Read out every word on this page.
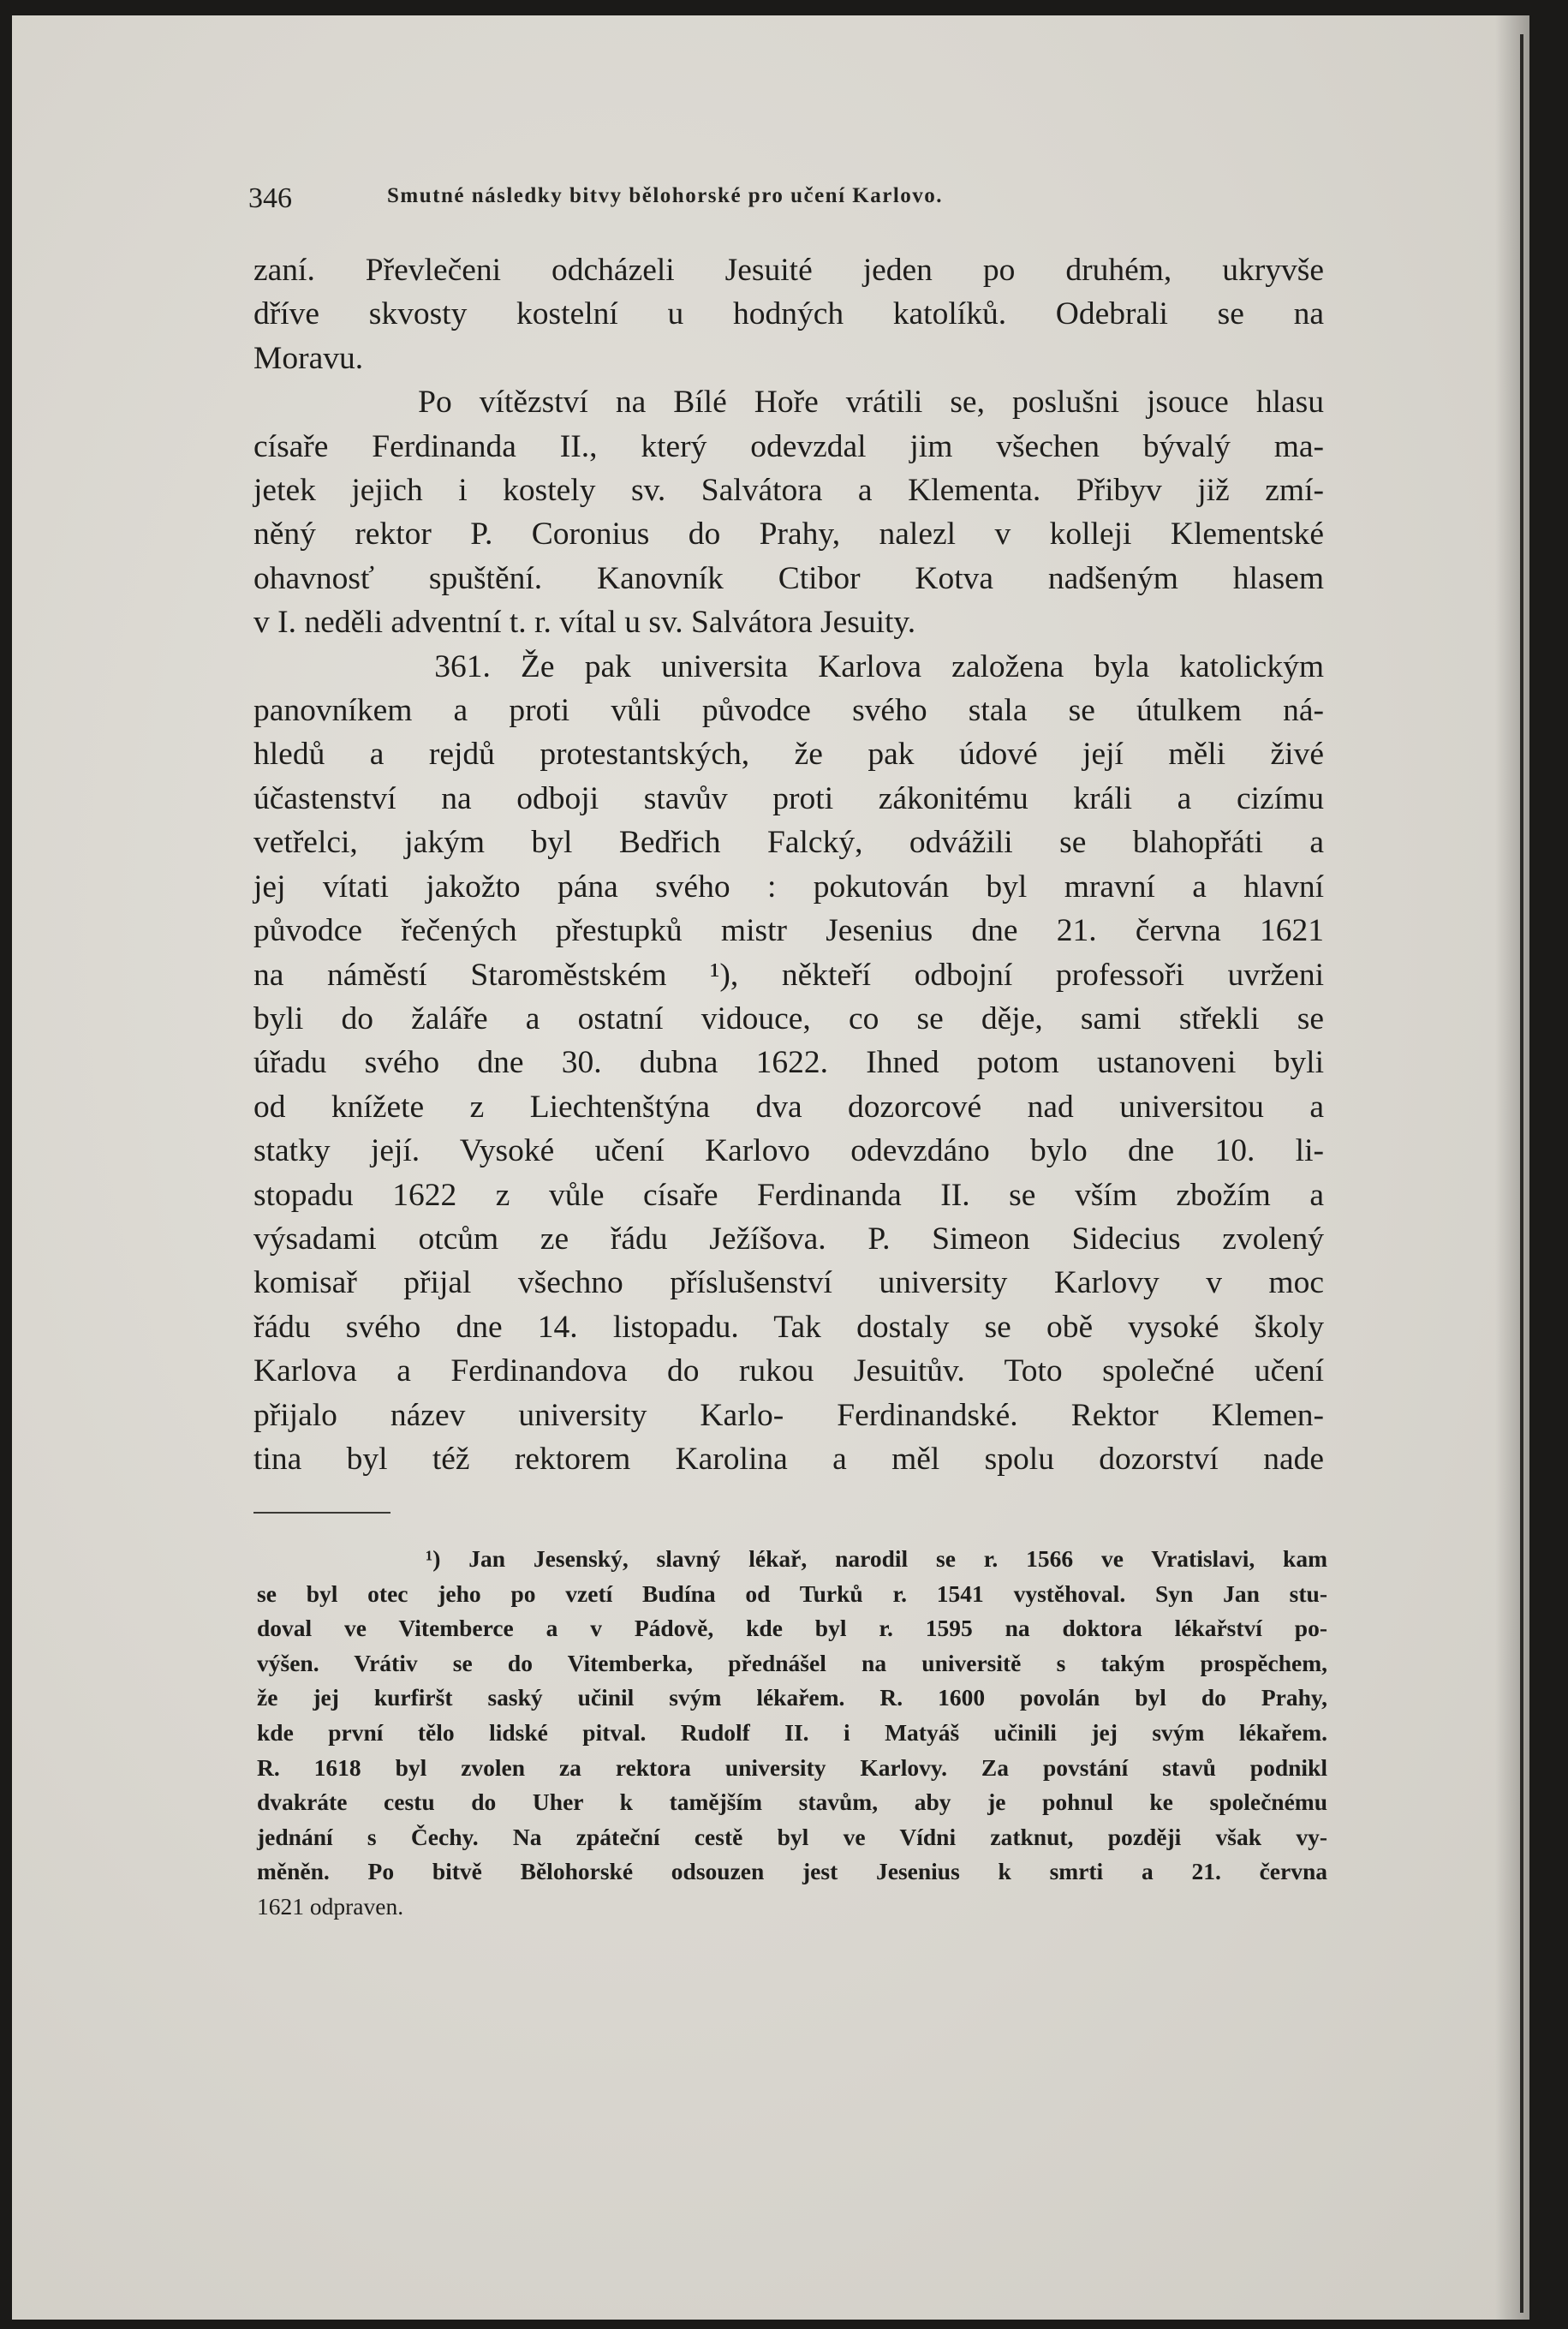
346	Smutné následky bitvy bělohorské pro učení Karlovo.
zaní. Převlečeni odcházeli Jesuité jeden po druhém, ukryvše
dříve skvosty kostelní u hodných katolíků. Odebrali se na
Moravu.
Po vítězství na Bílé Hoře vrátili se, poslušni jsouce hlasu
císaře Ferdinanda II., který odevzdal jim všechen bývalý ma-
jetek jejich i kostely sv. Salvátora a Klementa. Přibyv již zmí-
něný rektor P. Coronius do Prahy, nalezl v kolleji Klementské
ohavnosť spuštění. Kanovník Ctibor Kotva nadšeným hlasem
v I. neděli adventní t. r. vítal u sv. Salvátora Jesuity.
361. Že pak universita Karlova založena byla katolickým
panovníkem a proti vůli původce svého stala se útulkem ná-
hledů a rejdů protestantských, že pak údové její měli živé
účastenství na odboji stavův proti zákonitému králi a cizímu
vetřelci, jakým byl Bedřich Falcký, odvážili se blahopřáti a
jej vítati jakožto pána svého : pokutován byl mravní a hlavní
původce řečených přestupků mistr Jesenius dne 21. června 1621
na náměstí Staroměstském ¹), někteří odbojní professoři uvrženi
byli do žaláře a ostatní vidouce, co se děje, sami střekli se
úřadu svého dne 30. dubna 1622. Ihned potom ustanoveni byli
od knížete z Liechtenštýna dva dozorcové nad universitou a
statky její. Vysoké učení Karlovo odevzdáno bylo dne 10. li-
stopadu 1622 z vůle císaře Ferdinanda II. se vším zbožím a
výsadami otcům ze řádu Ježíšova. P. Simeon Sidecius zvolený
komisař přijal všechno příslušenství university Karlovy v moc
řádu svého dne 14. listopadu. Tak dostaly se obě vysoké školy
Karlova a Ferdinandova do rukou Jesuitův. Toto společné učení
přijalo název university Karlo- Ferdinandské. Rektor Klemen-
tina byl též rektorem Karolina a měl spolu dozorství nade
¹) Jan Jesenský, slavný lékař, narodil se r. 1566 ve Vratislavi, kam
se byl otec jeho po vzetí Budína od Turků r. 1541 vystěhoval. Syn Jan stu-
doval ve Vitemberce a v Pádově, kde byl r. 1595 na doktora lékařství po-
výšen. Vrátiv se do Vitemberka, přednášel na universitě s takým prospěchem,
že jej kurfiršt saský učinil svým lékařem. R. 1600 povolán byl do Prahy,
kde první tělo lidské pitval. Rudolf II. i Matyáš učinili jej svým lékařem.
R. 1618 byl zvolen za rektora university Karlovy. Za povstání stavů podnikl
dvakráte cestu do Uher k tamějším stavům, aby je pohnul ke společnému
jednání s Čechy. Na zpáteční cestě byl ve Vídni zatknut, později však vy-
měněn. Po bitvě Bělohorské odsouzen jest Jesenius k smrti a 21. června
1621 odpraven.
